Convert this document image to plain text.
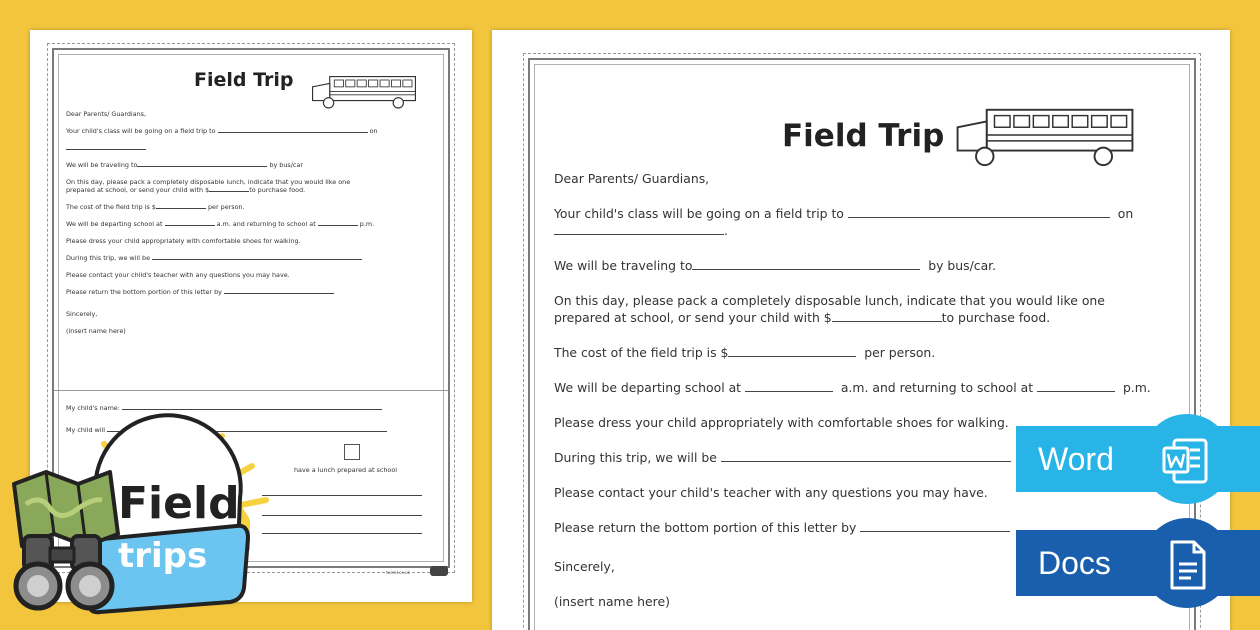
Field Trip
Dear Parents/ Guardians,
Your child's class will be going on a field trip to	on
We will be traveling to	by bus/car
On this day, please pack a completely disposable lunch, indicate that you would like one
prepared at school, or send your child with $	to purchase food.
The cost of the field trip is $	per person.
We will be departing school at	a.m. and returning to school at	p.m.
Please dress your child appropriately with comfortable shoes for walking.
During this trip, we will be
Please contact your child's teacher with any questions you may have.
Please return the bottom portion of this letter by
Sincerely,
(insert name here)
My child's name:
My child will
have a lunch prepared at school
twinkl.co.uk
Field Trip
Dear Parents/ Guardians,
Your child's class will be going on a field trip to	on
.
We will be traveling to	by bus/car.
On this day, please pack a completely disposable lunch, indicate that you would like one
prepared at school, or send your child with $	to purchase food.
The cost of the field trip is $	per person.
We will be departing school at	a.m. and returning to school at	p.m.
Please dress your child appropriately with comfortable shoes for walking.
During this trip, we will be
Please contact your child's teacher with any questions you may have.
Please return the bottom portion of this letter by
Sincerely,
(insert name here)
Word
Docs
Field
trips
